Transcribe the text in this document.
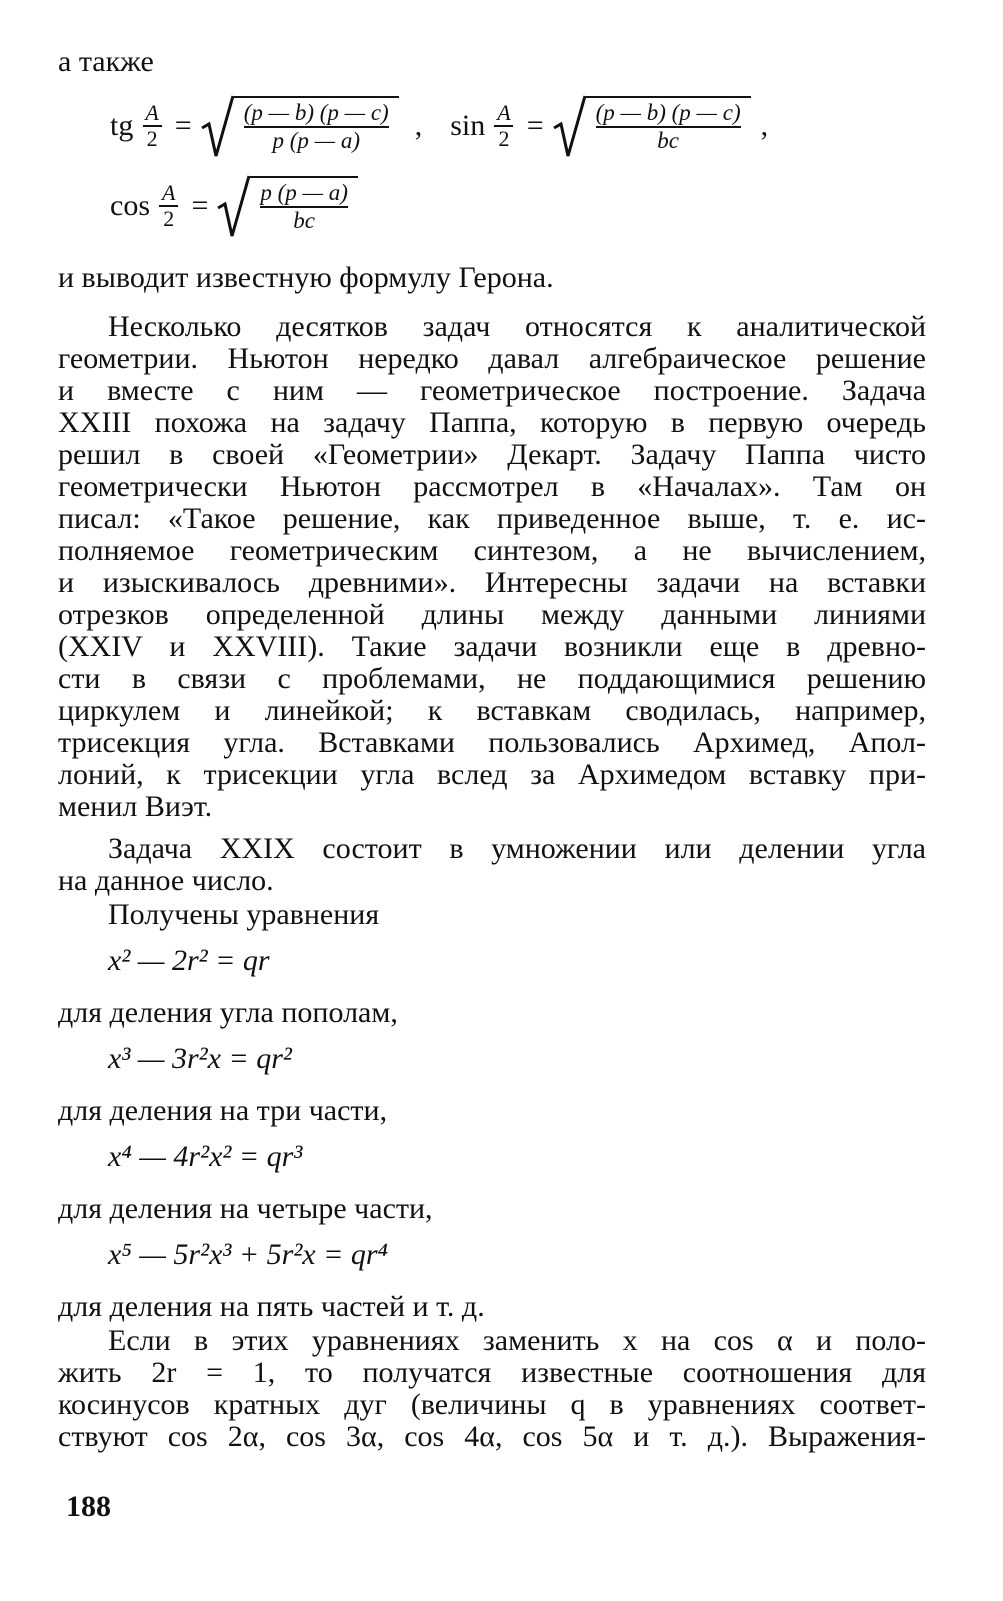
а также
tg $\frac{A}{2} = \frac{(p — b) (p — c)}{p (p — a)}$ , $\sin \frac{A}{2} = \frac{(p — b) (p — c)}{bc}$ ,
$\cos \frac{A}{2} = \frac{p (p — a)}{bc}$
и выводит известную формулу Герона.
Несколько десятков задач относятся к аналитической
геометрии. Ньютон нередко давал алгебраическое решение
и вместе с ним — геометрическое построение. Задача
XXIII похожа на задачу Паппа, которую в первую очередь
решил в своей «Геометрии» Декарт. Задачу Паппа чисто
геометрически Ньютон рассмотрел в «Началах». Там он
писал: «Такое решение, как приведенное выше, т. е. ис-
полняемое геометрическим синтезом, а не вычислением,
и изыскивалось древними». Интересны задачи на вставки
отрезков определенной длины между данными линиями
(XXIV и XXVIII). Такие задачи возникли еще в древно-
сти в связи с проблемами, не поддающимися решению
циркулем и линейкой; к вставкам сводилась, например,
трисекция угла. Вставками пользовались Архимед, Апол-
лоний, к трисекции угла вслед за Архимедом вставку при-
менил Виэт.
Задача XXIX состоит в умножении или делении угла
на данное число.
Получены уравнения
x² — 2r² = qr
для деления угла пополам,
x³ — 3r²x = qr²
для деления на три части,
x⁴ — 4r²x² = qr³
для деления на четыре части,
x⁵ — 5r²x³ + 5r²x = qr⁴
для деления на пять частей и т. д.
Если в этих уравнениях заменить x на cos α и поло-
жить 2r = 1, то получатся известные соотношения для
косинусов кратных дуг (величины q в уравнениях соответ-
ствуют cos 2α, cos 3α, cos 4α, cos 5α и т. д.). Выражения-
188
